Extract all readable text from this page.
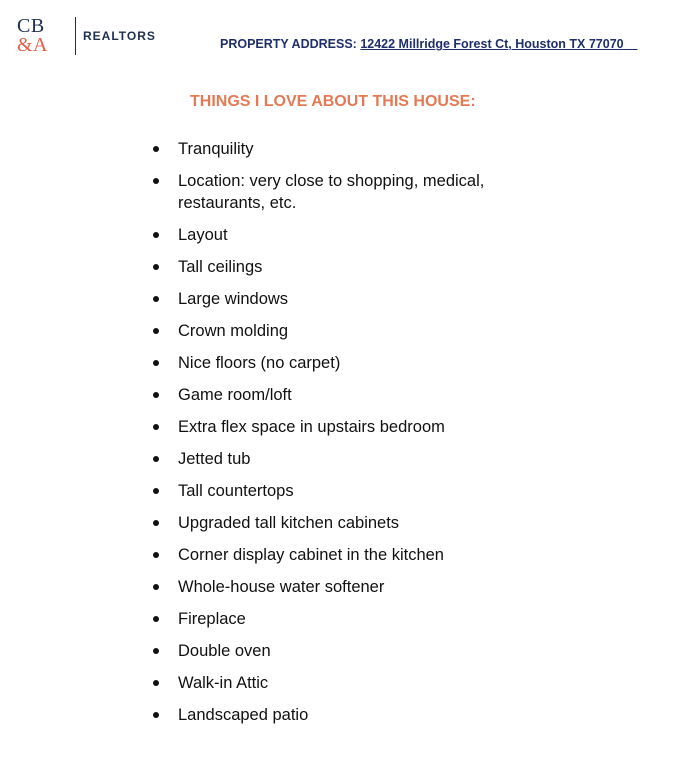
CB
&A	REALTORS
PROPERTY ADDRESS: 12422 Millridge Forest Ct, Houston TX 77070
THINGS I LOVE ABOUT THIS HOUSE:
Tranquility
Location: very close to shopping, medical, restaurants, etc.
Layout
Tall ceilings
Large windows
Crown molding
Nice floors (no carpet)
Game room/loft
Extra flex space in upstairs bedroom
Jetted tub
Tall countertops
Upgraded tall kitchen cabinets
Corner display cabinet in the kitchen
Whole-house water softener
Fireplace
Double oven
Walk-in Attic
Landscaped patio
